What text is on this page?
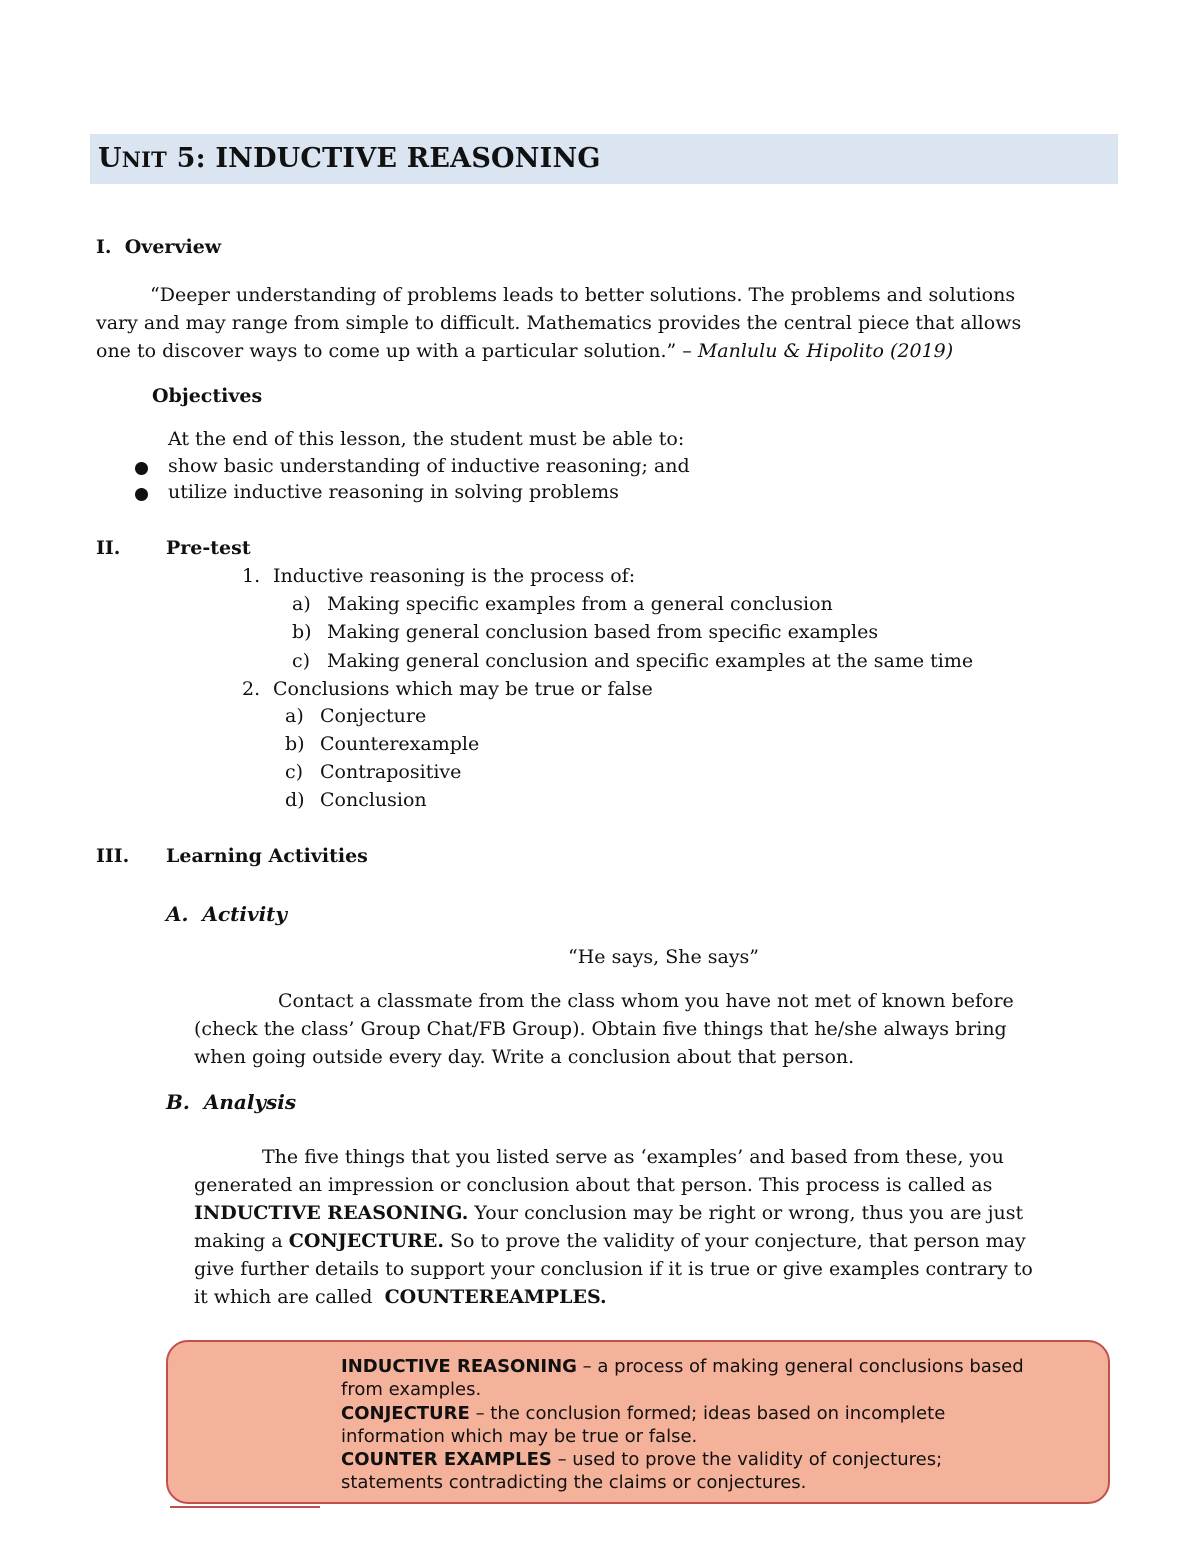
UNIT 5: INDUCTIVE REASONING
I. Overview
“Deeper understanding of problems leads to better solutions. The problems and solutions
vary and may range from simple to difficult. Mathematics provides the central piece that allows
one to discover ways to come up with a particular solution.” – Manlulu & Hipolito (2019)
Objectives
At the end of this lesson, the student must be able to:
show basic understanding of inductive reasoning; and
utilize inductive reasoning in solving problems
II. Pre-test
1. Inductive reasoning is the process of:
a) Making specific examples from a general conclusion
b) Making general conclusion based from specific examples
c) Making general conclusion and specific examples at the same time
2. Conclusions which may be true or false
a) Conjecture
b) Counterexample
c) Contrapositive
d) Conclusion
III. Learning Activities
A. Activity
“He says, She says”
Contact a classmate from the class whom you have not met of known before
(check the class’ Group Chat/FB Group). Obtain five things that he/she always bring
when going outside every day. Write a conclusion about that person.
B. Analysis
The five things that you listed serve as ‘examples’ and based from these, you
generated an impression or conclusion about that person. This process is called as
INDUCTIVE REASONING. Your conclusion may be right or wrong, thus you are just
making a CONJECTURE. So to prove the validity of your conjecture, that person may
give further details to support your conclusion if it is true or give examples contrary to
it which are called  COUNTEREAMPLES.
INDUCTIVE REASONING – a process of making general conclusions based
from examples.
CONJECTURE – the conclusion formed; ideas based on incomplete
information which may be true or false.
COUNTER EXAMPLES – used to prove the validity of conjectures;
statements contradicting the claims or conjectures.
